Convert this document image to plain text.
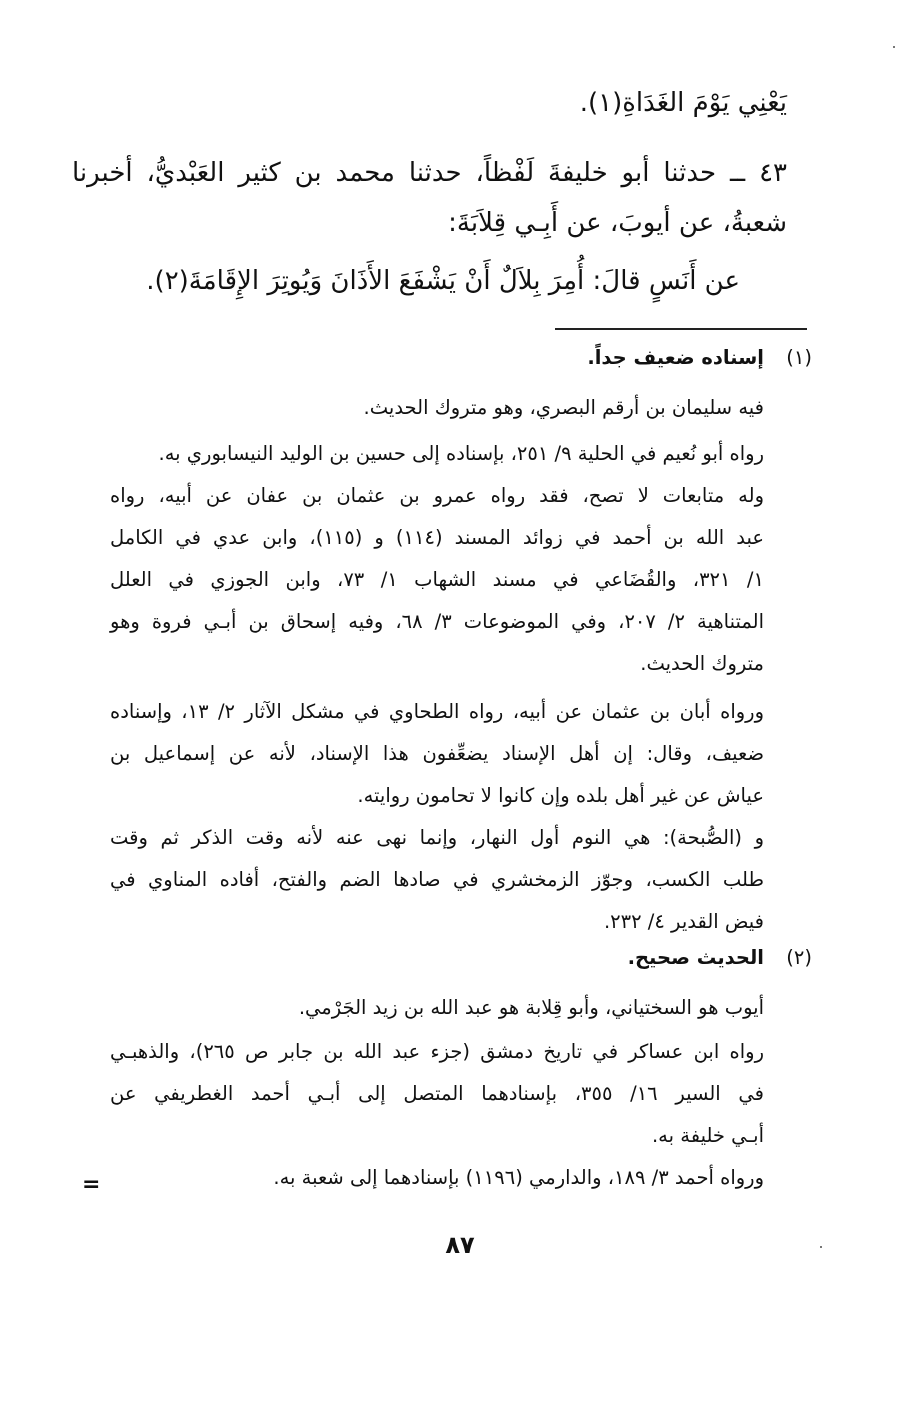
يَعْنِي يَوْمَ الغَدَاةِ(١).
٤٣ ــ حدثنا أبو خليفةَ لَفْظاً، حدثنا محمد بن كثير العَبْديُّ، أخبرنا
شعبةُ، عن أيوبَ، عن أَبِـي قِلاَبَةَ:
عن أَنَسٍ قالَ: أُمِرَ بِلاَلٌ أَنْ يَشْفَعَ الأَذَانَ وَيُوتِرَ الإِقَامَةَ(٢).
(١)
إسناده ضعيف جداً.
فيه سليمان بن أرقم البصري، وهو متروك الحديث.
رواه أبو نُعيم في الحلية ٩/ ٢٥١، بإسناده إلى حسين بن الوليد النيسابوري به.
وله متابعات لا تصح، فقد رواه عمرو بن عثمان بن عفان عن أبيه، رواه
عبد الله بن أحمد في زوائد المسند (١١٤) و (١١٥)، وابن عدي في الكامل
١/ ٣٢١، والقُضَاعي في مسند الشهاب ١/ ٧٣، وابن الجوزي في العلل
المتناهية ٢/ ٢٠٧، وفي الموضوعات ٣/ ٦٨، وفيه إسحاق بن أبـي فروة وهو
متروك الحديث.
ورواه أبان بن عثمان عن أبيه، رواه الطحاوي في مشكل الآثار ٢/ ١٣، وإسناده
ضعيف، وقال: إن أهل الإسناد يضعِّفون هذا الإسناد، لأنه عن إسماعيل بن
عياش عن غير أهل بلده وإن كانوا لا تحامون روايته.
و (الصُّبحة): هي النوم أول النهار، وإنما نهى عنه لأنه وقت الذكر ثم وقت
طلب الكسب، وجوّز الزمخشري في صادها الضم والفتح، أفاده المناوي في
فيض القدير ٤/ ٢٣٢.
(٢)
الحديث صحيح.
أيوب هو السختياني، وأبو قِلابة هو عبد الله بن زيد الجَرْمي.
رواه ابن عساكر في تاريخ دمشق (جزء عبد الله بن جابر ص ٢٦٥)، والذهبـي
في السير ١٦/ ٣٥٥، بإسنادهما المتصل إلى أبـي أحمد الغطريفي عن
أبـي خليفة به.
ورواه أحمد ٣/ ١٨٩، والدارمي (١١٩٦) بإسنادهما إلى شعبة به.
=
٨٧
